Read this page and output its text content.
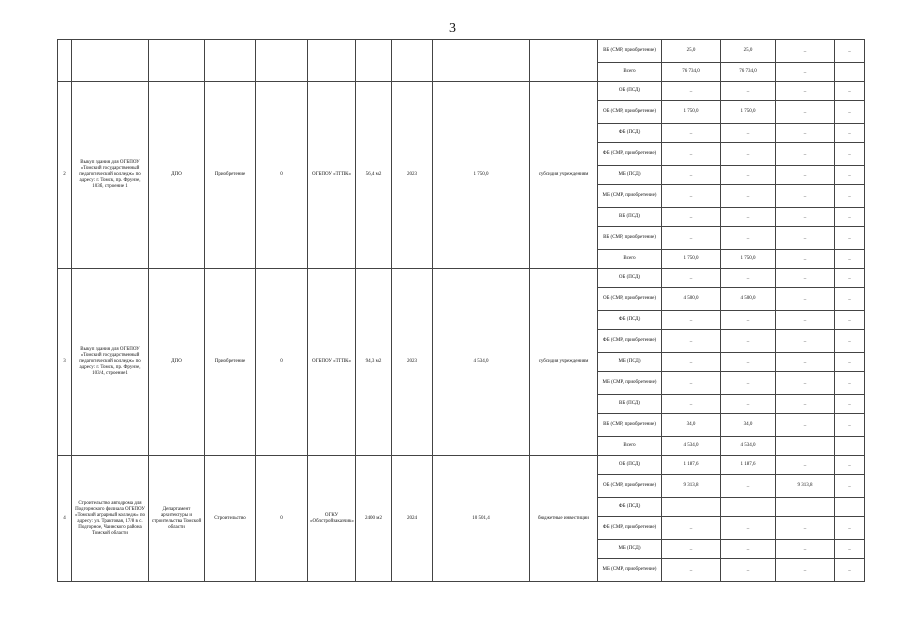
3
										ВБ (СМР, приобретение)	25,0	25,0	_	_
										Всего	76 734,0	76 734,0	_	
2	Выкуп здания для ОГБПОУ «Томский государственный педагогический колледж» по адресу: г. Томск, пр. Фрунзе, 103б, строение 1	ДПО	Приобретение	0	ОГБПОУ «ТГПК»	56,4 м2	2023	1 750,0	субсидия учреждениям	ОБ (ПСД)	_	_	_	_
										ОБ (СМР, приобретение)	1 750,0	1 750,0	_	_
										ФБ (ПСД)	_	_	_	_
										ФБ (СМР, приобретение)	_	_	_	_
										МБ (ПСД)	_	_	_	_
										МБ (СМР, приобретение)	_	_	_	_
										ВБ (ПСД)	_	_	_	_
										ВБ (СМР, приобретение)	_	_	_	_
										Всего	1 750,0	1 750,0	_	_
3	Выкуп здания для ОГБПОУ «Томский государственный педагогический колледж» по адресу: г. Томск, пр. Фрунзе, 103/4, строение1	ДПО	Приобретение	0	ОГБПОУ «ТГПК»	94,3 м2	2023	4 534,0	субсидия учреждениям	ОБ (ПСД)	_	_	_	_
										ОБ (СМР, приобретение)	4 500,0	4 500,0	_	_
										ФБ (ПСД)	_	_	_	_
										ФБ (СМР, приобретение)	_	_	_	_
										МБ (ПСД)	_	_	_	_
										МБ (СМР, приобретение)	_	_	_	_
										ВБ (ПСД)	_	_	_	_
										ВБ (СМР, приобретение)	34,0	34,0	_	_
										Всего	4 534,0	4 534,0		
4	Строительство автодрома для Подгорнского филиала ОГБПОУ «Томский аграрный колледж» по адресу: ул. Трактовая, 17/8 в с. Подгорное, Чаинского района Томской области	Департамент архитектуры и строительства Томской области	Строительство	0	ОГКУ «Облстройзаказчик»	2400 м2	2024	10 501,4	бюджетные инвестиции	ОБ (ПСД)	1 187,6	1 187,6	_	_
										ОБ (СМР, приобретение)	9 313,8	_	9 313,8	_
										ФБ (ПСД)				
										ФБ (СМР, приобретение)	_	_	_	_
										МБ (ПСД)	_	_	_	_
										МБ (СМР, приобретение)	_	_	_	_
